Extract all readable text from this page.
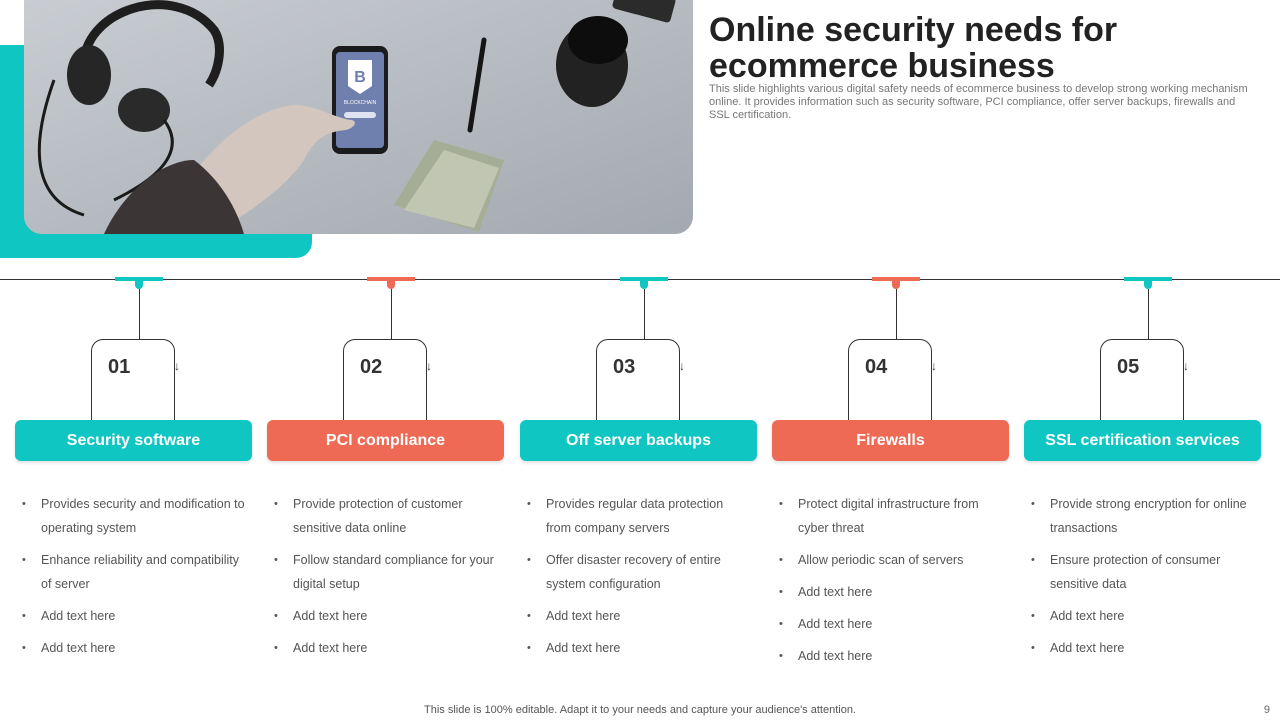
B
BLOCKCHAIN
Online security needs for ecommerce business

This slide highlights various digital safety needs of ecommerce business to develop strong working mechanism online. It provides information such as security software, PCI compliance, offer server backups, firewalls and SSL certification.

↓
01
Security software
• Provides security and modification to operating system
• Enhance reliability and compatibility of server
• Add text here
• Add text here
↓
02
PCI compliance
• Provide protection of customer sensitive data online
• Follow standard compliance for your digital setup
• Add text here
• Add text here
↓
03
Off server backups
• Provides regular data protection from company servers
• Offer disaster recovery of entire system configuration
• Add text here
• Add text here
↓
04
Firewalls
• Protect digital infrastructure from cyber threat
• Allow periodic scan of servers
• Add text here
• Add text here
• Add text here
↓
05
SSL certification services
• Provide strong encryption for online transactions
• Ensure protection of consumer sensitive data
• Add text here
• Add text here
This slide is 100% editable. Adapt it to your needs and capture your audience's attention.	9
